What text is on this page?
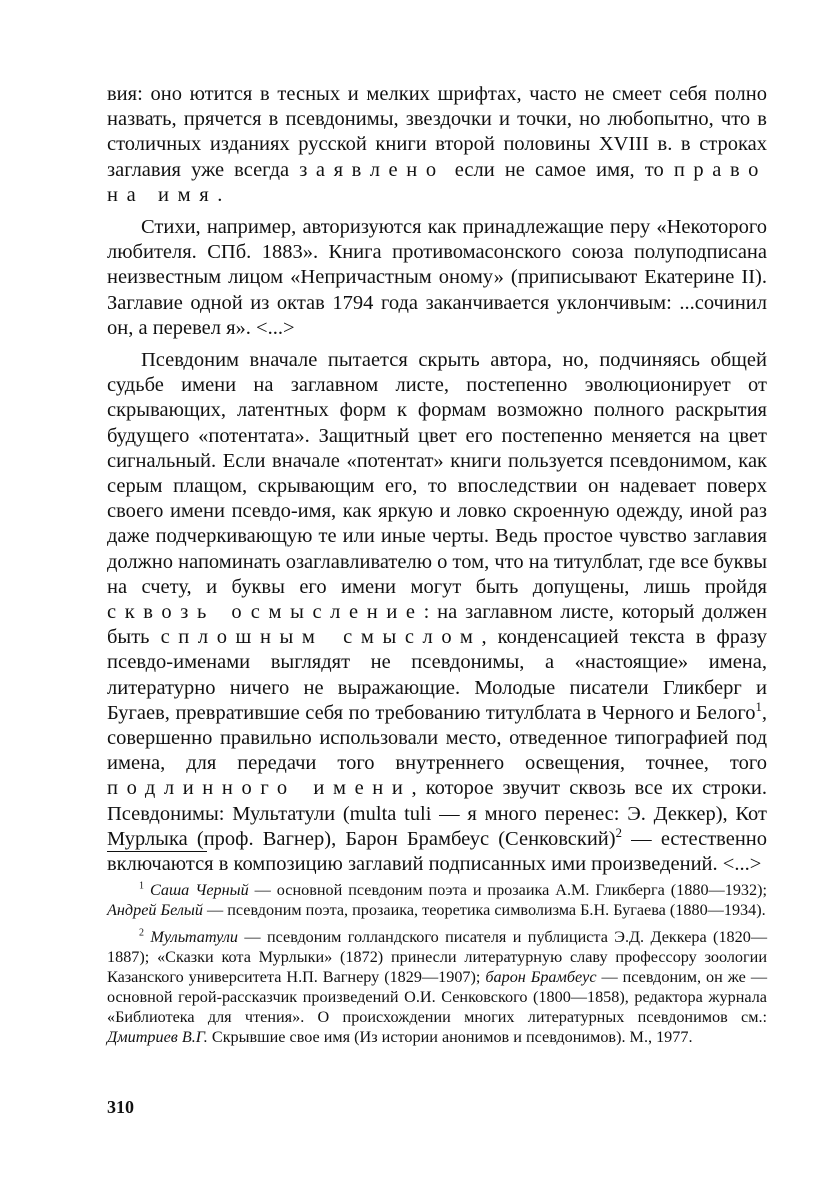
вия: оно ютится в тесных и мелких шрифтах, часто не смеет себя полно назвать, прячется в псевдонимы, звездочки и точки, но любопытно, что в столичных изданиях русской книги второй половины XVIII в. в строках заглавия уже всегда заявлено если не самое имя, то право на имя.

Стихи, например, авторизуются как принадлежащие перу «Некоторого любителя. СПб. 1883». Книга противомасонского союза полуподписана неизвестным лицом «Непричастным оному» (приписывают Екатерине II). Заглавие одной из октав 1794 года заканчивается уклончивым: ...сочинил он, а перевел я». <...>

Псевдоним вначале пытается скрыть автора, но, подчиняясь общей судьбе имени на заглавном листе, постепенно эволюционирует от скрывающих, латентных форм к формам возможно полного раскрытия будущего «потентата». Защитный цвет его постепенно меняется на цвет сигнальный. Если вначале «потентат» книги пользуется псевдонимом, как серым плащом, скрывающим его, то впоследствии он надевает поверх своего имени псевдо-имя, как яркую и ловко скроенную одежду, иной раз даже подчеркивающую те или иные черты. Ведь простое чувство заглавия должно напоминать озаглавливателю о том, что на титулблат, где все буквы на счету, и буквы его имени могут быть допущены, лишь пройдя сквозь осмысление: на заглавном листе, который должен быть сплошным смыслом, конденсацией текста в фразу псевдо-именами выглядят не псевдонимы, а «настоящие» имена, литературно ничего не выражающие. Молодые писатели Гликберг и Бугаев, превратившие себя по требованию титулблата в Черного и Белого$^1$, совершенно правильно использовали место, отведенное типографией под имена, для передачи того внутреннего освещения, точнее, того подлинного имени, которое звучит сквозь все их строки. Псевдонимы: Мультатули (multa tuli — я много перенес: Э. Деккер), Кот Мурлыка (проф. Вагнер), Барон Брамбеус (Сенковский)$^2$ — естественно включаются в композицию заглавий подписанных ими произведений. <...>

$^1$ Саша Черный — основной псевдоним поэта и прозаика А.М. Гликберга (1880—1932); Андрей Белый — псевдоним поэта, прозаика, теоретика символизма Б.Н. Бугаева (1880—1934).

$^2$ Мультатули — псевдоним голландского писателя и публициста Э.Д. Деккера (1820—1887); «Сказки кота Мурлыки» (1872) принесли литературную славу профессору зоологии Казанского университета Н.П. Вагнеру (1829—1907); барон Брамбеус — псевдоним, он же — основной герой-рассказчик произведений О.И. Сенковского (1800—1858), редактора журнала «Библиотека для чтения». О происхождении многих литературных псевдонимов см.: Дмитриев В.Г. Скрывшие свое имя (Из истории анонимов и псевдонимов). М., 1977.

310
